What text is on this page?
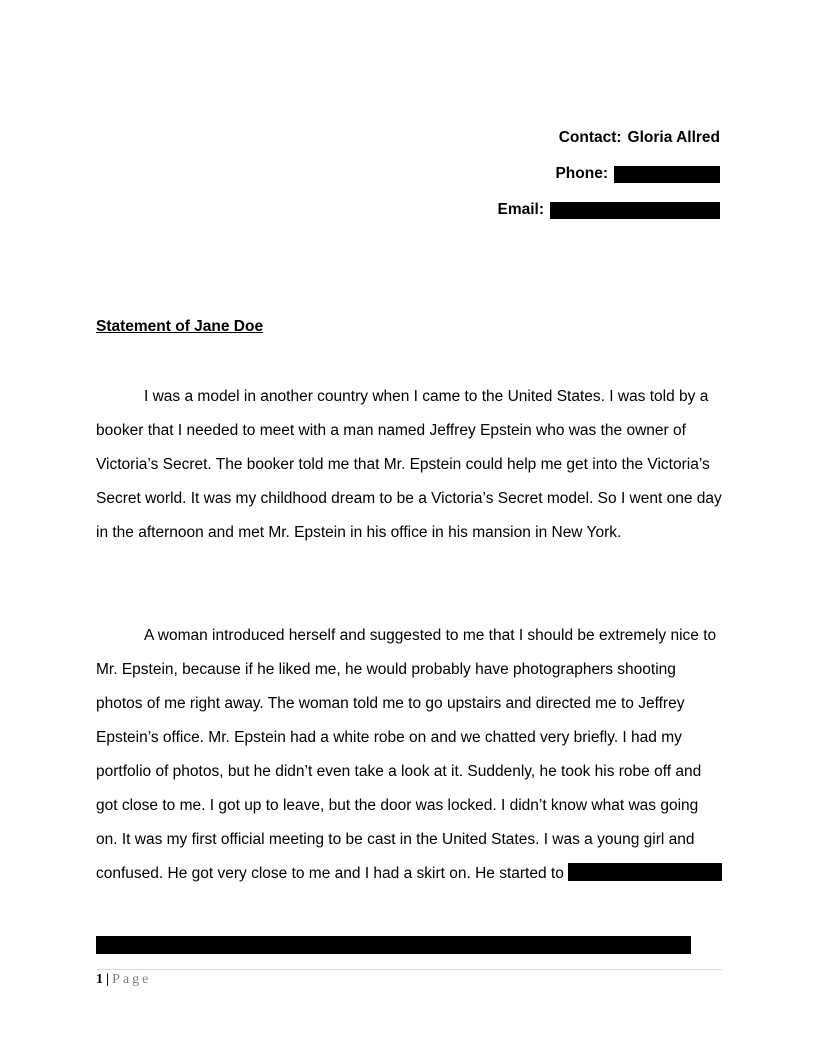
Contact: Gloria Allred
Phone:
Email:
Statement of Jane Doe

I was a model in another country when I came to the United States. I was told by a booker that I needed to meet with a man named Jeffrey Epstein who was the owner of Victoria’s Secret. The booker told me that Mr. Epstein could help me get into the Victoria’s Secret world. It was my childhood dream to be a Victoria’s Secret model. So I went one day in the afternoon and met Mr. Epstein in his office in his mansion in New York.

A woman introduced herself and suggested to me that I should be extremely nice to Mr. Epstein, because if he liked me, he would probably have photographers shooting photos of me right away. The woman told me to go upstairs and directed me to Jeffrey Epstein’s office. Mr. Epstein had a white robe on and we chatted very briefly. I had my portfolio of photos, but he didn’t even take a look at it. Suddenly, he took his robe off and got close to me. I got up to leave, but the door was locked. I didn’t know what was going on. It was my first official meeting to be cast in the United States. I was a young girl and confused. He got very close to me and I had a skirt on. He started to

1 | Page
